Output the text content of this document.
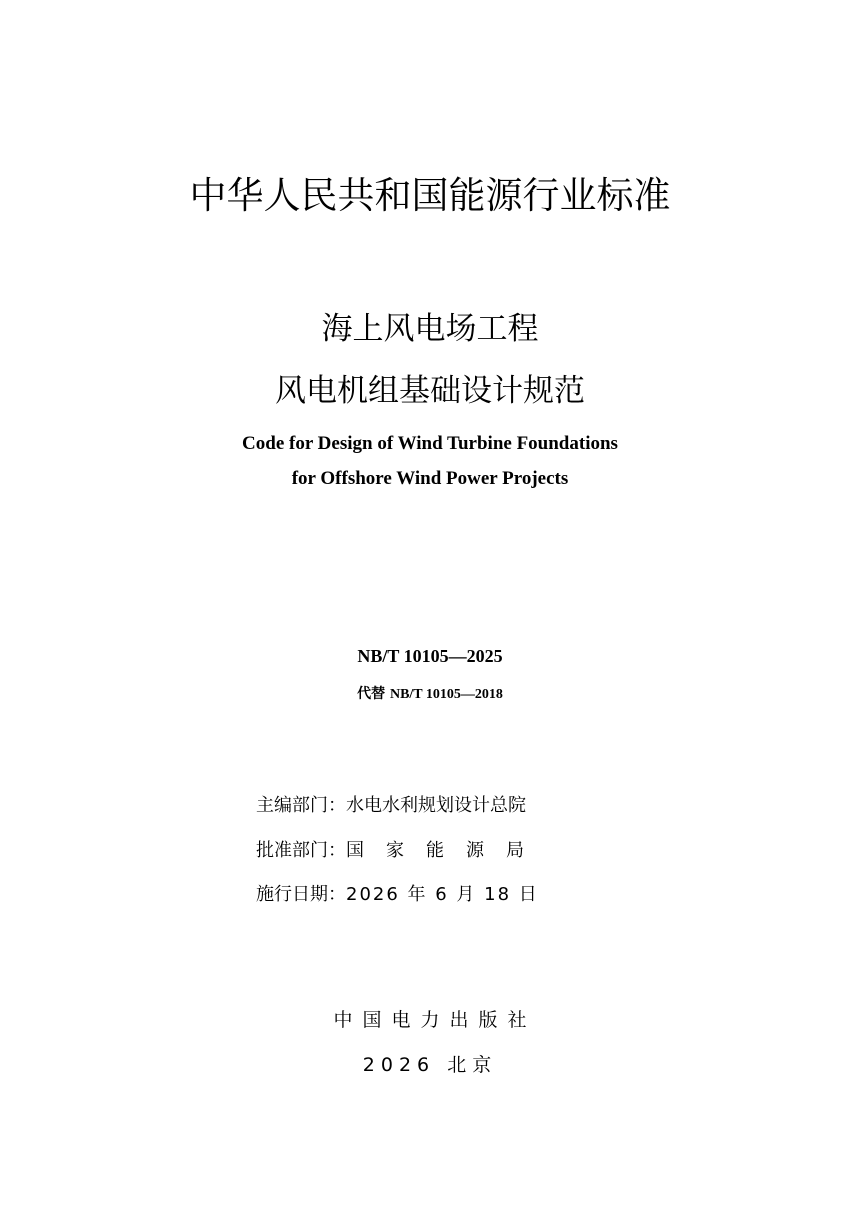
中华人民共和国能源行业标准
海上风电场工程
风电机组基础设计规范
Code for Design of Wind Turbine Foundations
for Offshore Wind Power Projects
NB/T 10105—2025
代替 NB/T 10105—2018
主编部门：水电水利规划设计总院
批准部门：国家能源局
施行日期：2026 年 6 月 18 日
中国电力出版社
2026 北京
